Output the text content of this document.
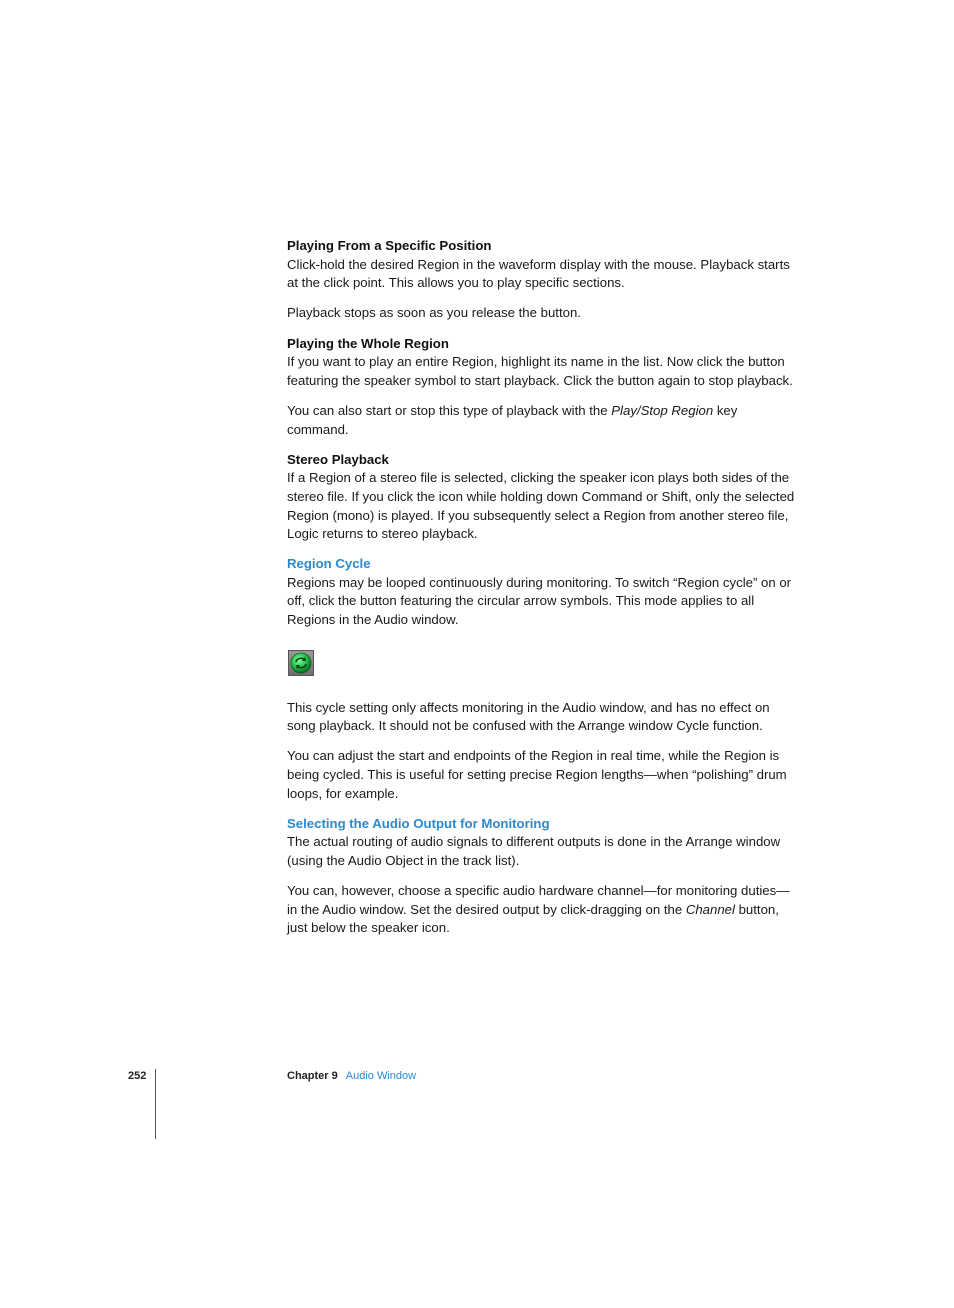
Playing From a Specific Position

Click-hold the desired Region in the waveform display with the mouse. Playback starts at the click point. This allows you to play specific sections.

Playback stops as soon as you release the button.

Playing the Whole Region

If you want to play an entire Region, highlight its name in the list. Now click the button featuring the speaker symbol to start playback. Click the button again to stop playback.

You can also start or stop this type of playback with the Play/Stop Region key command.

Stereo Playback

If a Region of a stereo file is selected, clicking the speaker icon plays both sides of the stereo file. If you click the icon while holding down Command or Shift, only the selected Region (mono) is played. If you subsequently select a Region from another stereo file, Logic returns to stereo playback.

Region Cycle

Regions may be looped continuously during monitoring. To switch “Region cycle” on or off, click the button featuring the circular arrow symbols. This mode applies to all Regions in the Audio window.

This cycle setting only affects monitoring in the Audio window, and has no effect on song playback. It should not be confused with the Arrange window Cycle function.

You can adjust the start and endpoints of the Region in real time, while the Region is being cycled. This is useful for setting precise Region lengths—when “polishing” drum loops, for example.

Selecting the Audio Output for Monitoring

The actual routing of audio signals to different outputs is done in the Arrange window (using the Audio Object in the track list).

You can, however, choose a specific audio hardware channel—for monitoring duties—in the Audio window. Set the desired output by click-dragging on the Channel button, just below the speaker icon.

252	Chapter 9 Audio Window
